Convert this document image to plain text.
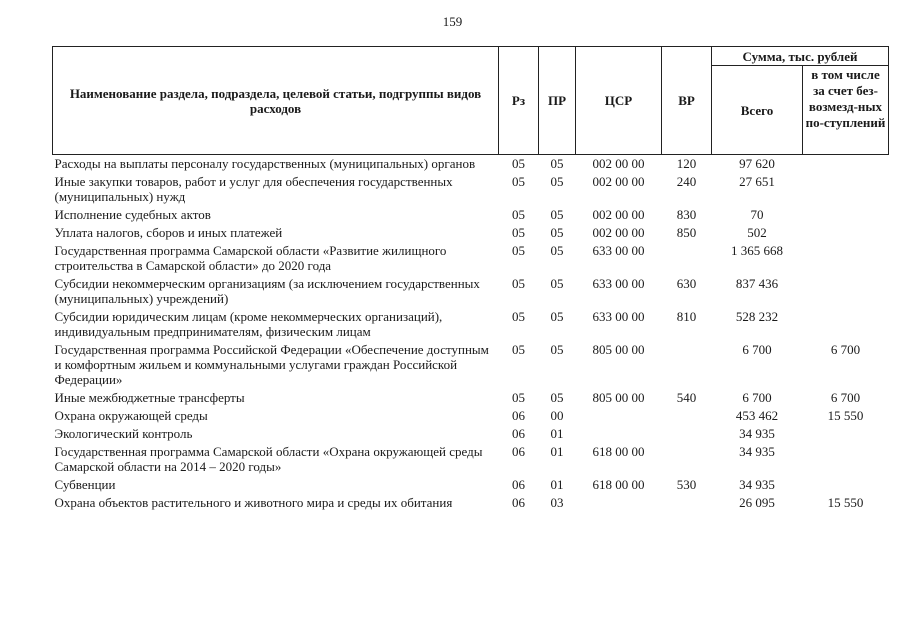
159
Наименование раздела, подраздела, целевой статьи, подгруппы видов расходов	Рз	ПР	ЦСР	ВР	Сумма, тыс. рублей	
					Всего	в том числе за счет без-возмезд-ных по-ступлений
Расходы на выплаты персоналу государственных (муниципальных) органов	05	05	002 00 00	120	97 620	
Иные закупки товаров, работ и услуг для обеспечения государственных (муниципальных) нужд	05	05	002 00 00	240	27 651	
Исполнение судебных актов	05	05	002 00 00	830	70	
Уплата налогов, сборов и иных платежей	05	05	002 00 00	850	502	
Государственная программа Самарской области «Развитие жилищного строительства в Самарской области» до 2020 года	05	05	633 00 00		1 365 668	
Субсидии некоммерческим организациям (за исключением государственных (муниципальных) учреждений)	05	05	633 00 00	630	837 436	
Субсидии юридическим лицам (кроме некоммерческих организаций), индивидуальным предпринимателям, физическим лицам	05	05	633 00 00	810	528 232	
Государственная программа Российской Федерации «Обеспечение доступным и комфортным жильем и коммунальными услугами граждан Российской Федерации»	05	05	805 00 00		6 700	6 700
Иные межбюджетные трансферты	05	05	805 00 00	540	6 700	6 700
Охрана окружающей среды	06	00			453 462	15 550
Экологический контроль	06	01			34 935	
Государственная программа Самарской области «Охрана окружающей среды Самарской области на 2014 – 2020 годы»	06	01	618 00 00		34 935	
Субвенции	06	01	618 00 00	530	34 935	
Охрана объектов растительного и животного мира и среды их обитания	06	03			26 095	15 550
